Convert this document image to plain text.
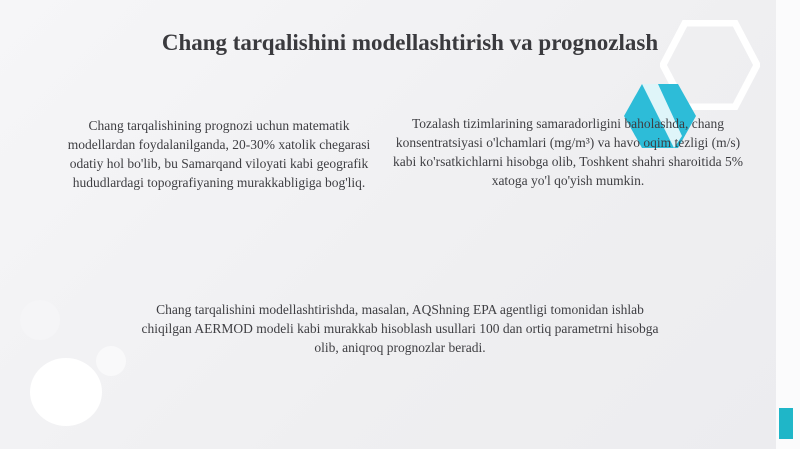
Chang tarqalishini modellashtirish va prognozlash
Chang tarqalishining prognozi uchun matematik modellardan foydalanilganda, 20-30% xatolik chegarasi odatiy hol bo'lib, bu Samarqand viloyati kabi geografik hududlardagi topografiyaning murakkabligiga bog'liq.
Tozalash tizimlarining samaradorligini baholashda, chang konsentratsiyasi o'lchamlari (mg/m³) va havo oqim tezligi (m/s) kabi ko'rsatkichlarni hisobga olib, Toshkent shahri sharoitida 5% xatoga yo'l qo'yish mumkin.
Chang tarqalishini modellashtirishda, masalan, AQShning EPA agentligi tomonidan ishlab chiqilgan AERMOD modeli kabi murakkab hisoblash usullari 100 dan ortiq parametrni hisobga olib, aniqroq prognozlar beradi.
